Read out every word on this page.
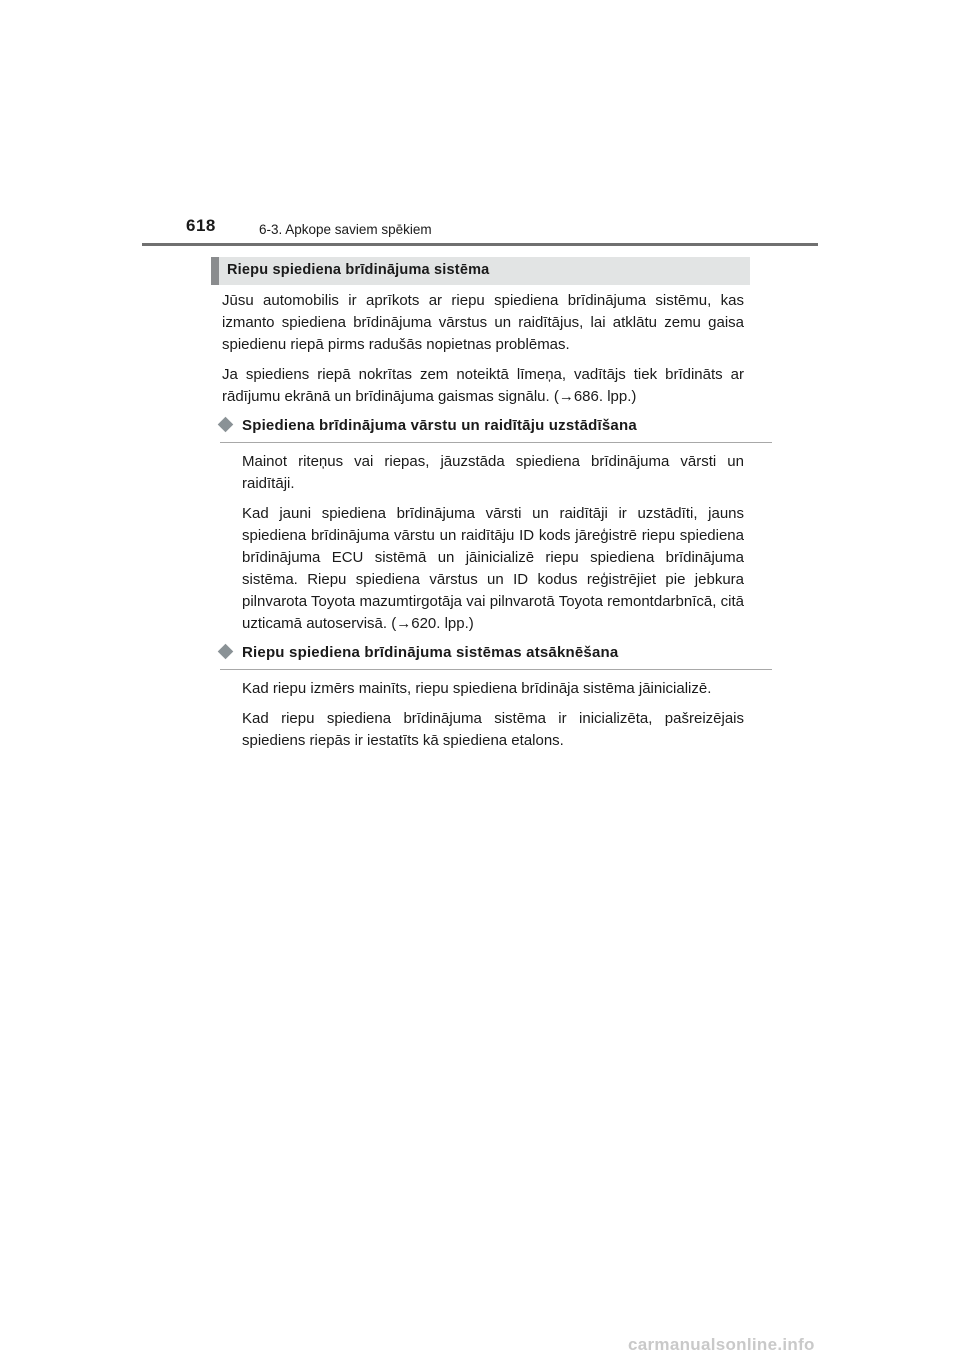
618	6-3. Apkope saviem spēkiem
Riepu spiediena brīdinājuma sistēma

Jūsu automobilis ir aprīkots ar riepu spiediena brīdinājuma sistēmu, kas izmanto spiediena brīdinājuma vārstus un raidītājus, lai atklātu zemu gaisa spiedienu riepā pirms radušās nopietnas problēmas.

Ja spiediens riepā nokrītas zem noteiktā līmeņa, vadītājs tiek brīdināts ar rādījumu ekrānā un brīdinājuma gaismas signālu. (→686. lpp.)

Spiediena brīdinājuma vārstu un raidītāju uzstādīšana

Mainot riteņus vai riepas, jāuzstāda spiediena brīdinājuma vārsti un raidītāji.

Kad jauni spiediena brīdinājuma vārsti un raidītāji ir uzstādīti, jauns spiediena brīdinājuma vārstu un raidītāju ID kods jāreģistrē riepu spiediena brīdinājuma ECU sistēmā un jāinicializē riepu spiediena brīdinājuma sistēma. Riepu spiediena vārstus un ID kodus reģistrējiet pie jebkura pilnvarota Toyota mazumtirgotāja vai pilnvarotā Toyota remontdarbnīcā, citā uzticamā autoservisā. (→620. lpp.)

Riepu spiediena brīdinājuma sistēmas atsāknēšana

Kad riepu izmērs mainīts, riepu spiediena brīdināja sistēma jāinicializē.

Kad riepu spiediena brīdinājuma sistēma ir inicializēta, pašreizējais spiediens riepās ir iestatīts kā spiediena etalons.

carmanualsonline.info
